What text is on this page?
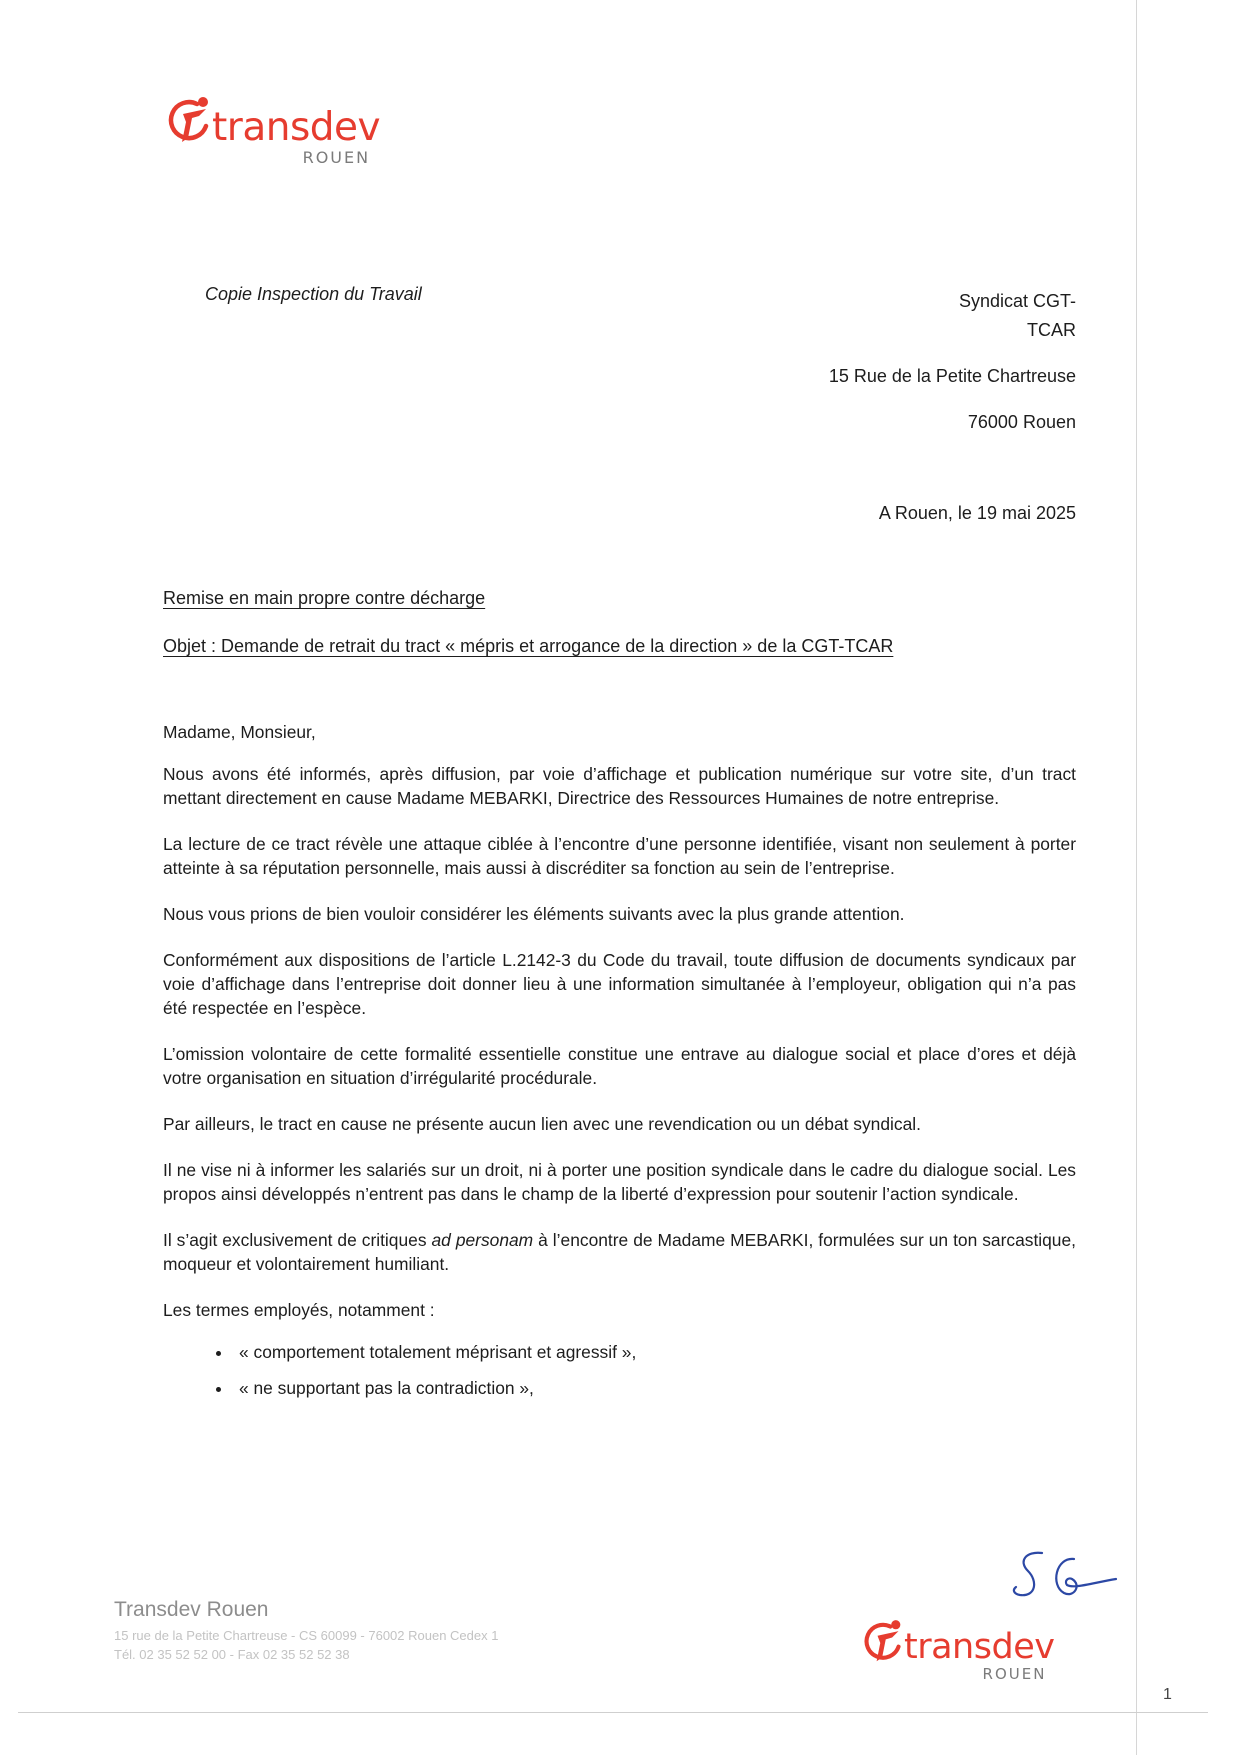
transdev
ROUEN
Copie Inspection du Travail	Syndicat CGT-
TCAR
15 Rue de la Petite Chartreuse
76000 Rouen
A Rouen, le 19 mai 2025
Remise en main propre contre décharge
Objet : Demande de retrait du tract « mépris et arrogance de la direction » de la CGT-TCAR

Madame, Monsieur,

Nous avons été informés, après diffusion, par voie d’affichage et publication numérique sur votre site, d’un tract mettant directement en cause Madame MEBARKI, Directrice des Ressources Humaines de notre entreprise.

La lecture de ce tract révèle une attaque ciblée à l’encontre d’une personne identifiée, visant non seulement à porter atteinte à sa réputation personnelle, mais aussi à discréditer sa fonction au sein de l’entreprise.

Nous vous prions de bien vouloir considérer les éléments suivants avec la plus grande attention.

Conformément aux dispositions de l’article L.2142-3 du Code du travail, toute diffusion de documents syndicaux par voie d’affichage dans l’entreprise doit donner lieu à une information simultanée à l’employeur, obligation qui n’a pas été respectée en l’espèce.

L’omission volontaire de cette formalité essentielle constitue une entrave au dialogue social et place d’ores et déjà votre organisation en situation d’irrégularité procédurale.

Par ailleurs, le tract en cause ne présente aucun lien avec une revendication ou un débat syndical.

Il ne vise ni à informer les salariés sur un droit, ni à porter une position syndicale dans le cadre du dialogue social. Les propos ainsi développés n’entrent pas dans le champ de la liberté d’expression pour soutenir l’action syndicale.

Il s’agit exclusivement de critiques ad personam à l’encontre de Madame MEBARKI, formulées sur un ton sarcastique, moqueur et volontairement humiliant.

Les termes employés, notamment :

• « comportement totalement méprisant et agressif »,
• « ne supportant pas la contradiction »,
Transdev Rouen
15 rue de la Petite Chartreuse - CS 60099 - 76002 Rouen Cedex 1
Tél. 02 35 52 52 00 - Fax 02 35 52 52 38	transdev
ROUEN
1
